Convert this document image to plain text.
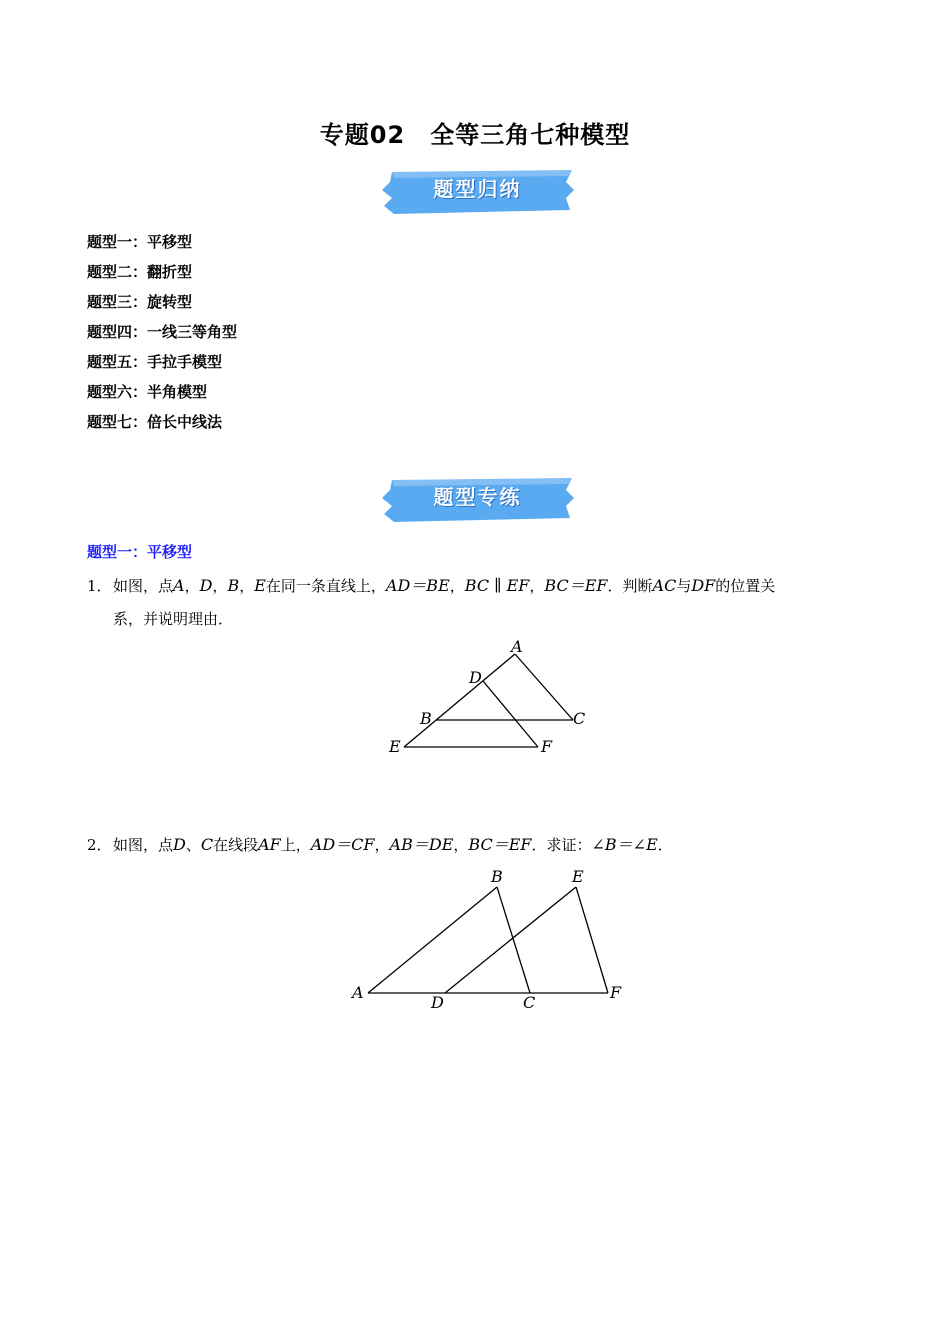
专题02　全等三角七种模型
题型归纳
题型一：平移型
题型二：翻折型
题型三：旋转型
题型四：一线三等角型
题型五：手拉手模型
题型六：半角模型
题型七：倍长中线法
题型专练
题型一：平移型
1．如图，点A，D，B，E在同一条直线上，AD＝BE，BC ∥ EF，BC＝EF．判断AC与DF的位置关
系，并说明理由．
A
D
B	C
E	F
2．如图，点D、C在线段AF上，AD＝CF，AB＝DE，BC＝EF．求证：∠B＝∠E．
B	E
A
D	C
F
